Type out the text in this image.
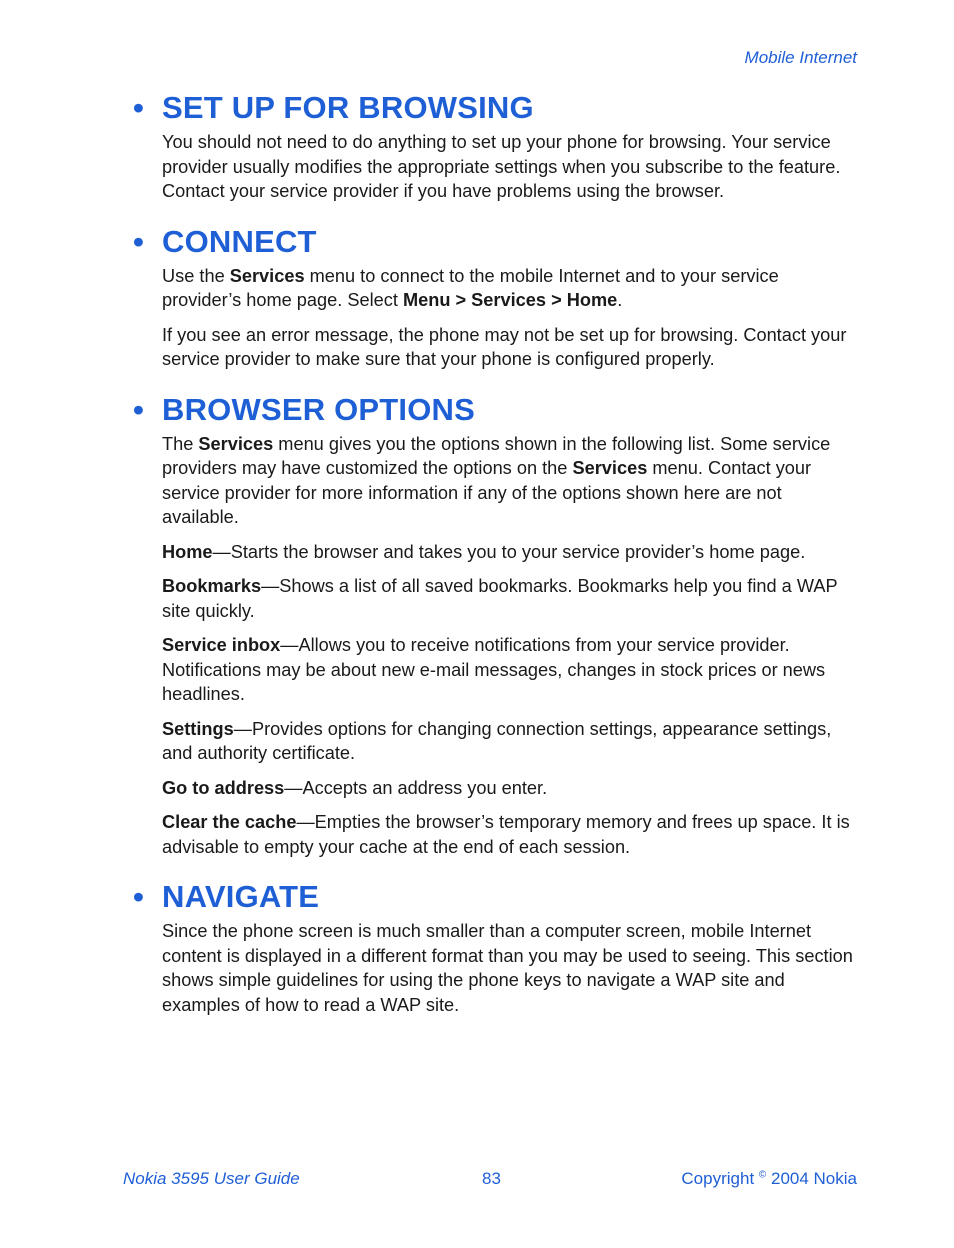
Mobile Internet
• SET UP FOR BROWSING

You should not need to do anything to set up your phone for browsing. Your service provider usually modifies the appropriate settings when you subscribe to the feature. Contact your service provider if you have problems using the browser.

• CONNECT

Use the Services menu to connect to the mobile Internet and to your service provider’s home page. Select Menu > Services > Home.

If you see an error message, the phone may not be set up for browsing. Contact your service provider to make sure that your phone is configured properly.

• BROWSER OPTIONS

The Services menu gives you the options shown in the following list. Some service providers may have customized the options on the Services menu. Contact your service provider for more information if any of the options shown here are not available.

Home—Starts the browser and takes you to your service provider’s home page.

Bookmarks—Shows a list of all saved bookmarks. Bookmarks help you find a WAP site quickly.

Service inbox—Allows you to receive notifications from your service provider. Notifications may be about new e-mail messages, changes in stock prices or news headlines.

Settings—Provides options for changing connection settings, appearance settings, and authority certificate.

Go to address—Accepts an address you enter.

Clear the cache—Empties the browser’s temporary memory and frees up space. It is advisable to empty your cache at the end of each session.

• NAVIGATE

Since the phone screen is much smaller than a computer screen, mobile Internet content is displayed in a different format than you may be used to seeing. This section shows simple guidelines for using the phone keys to navigate a WAP site and examples of how to read a WAP site.

Nokia 3595 User Guide	83	Copyright © 2004 Nokia
